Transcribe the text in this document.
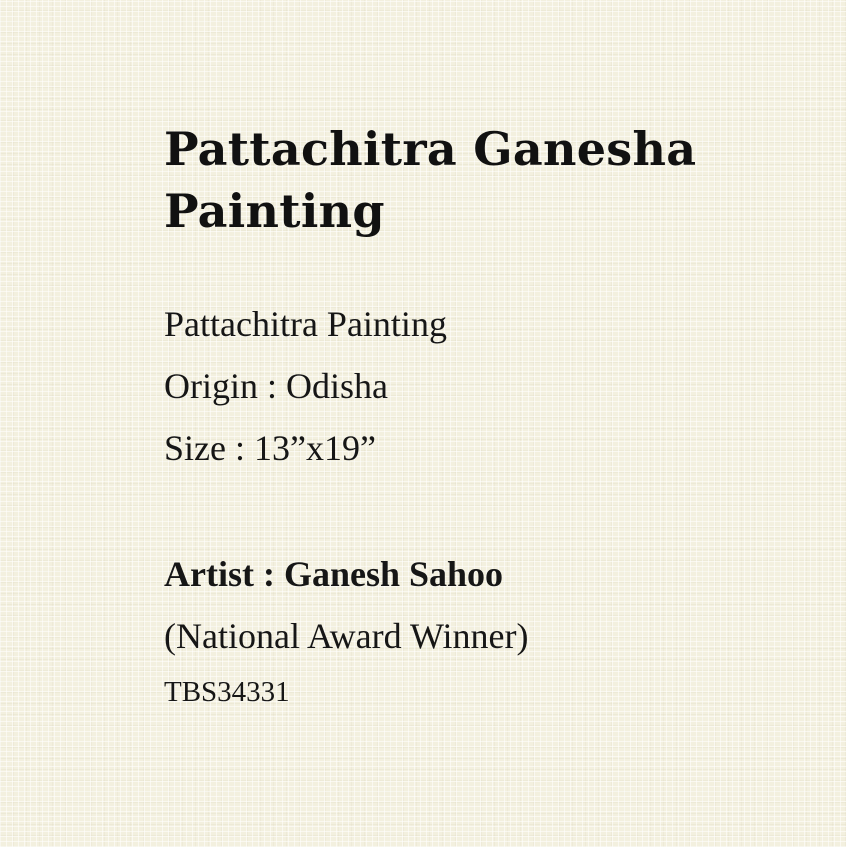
Pattachitra Ganesha Painting
Pattachitra Painting
Origin : Odisha
Size : 13”x19”
Artist : Ganesh Sahoo
(National Award Winner)
TBS34331
